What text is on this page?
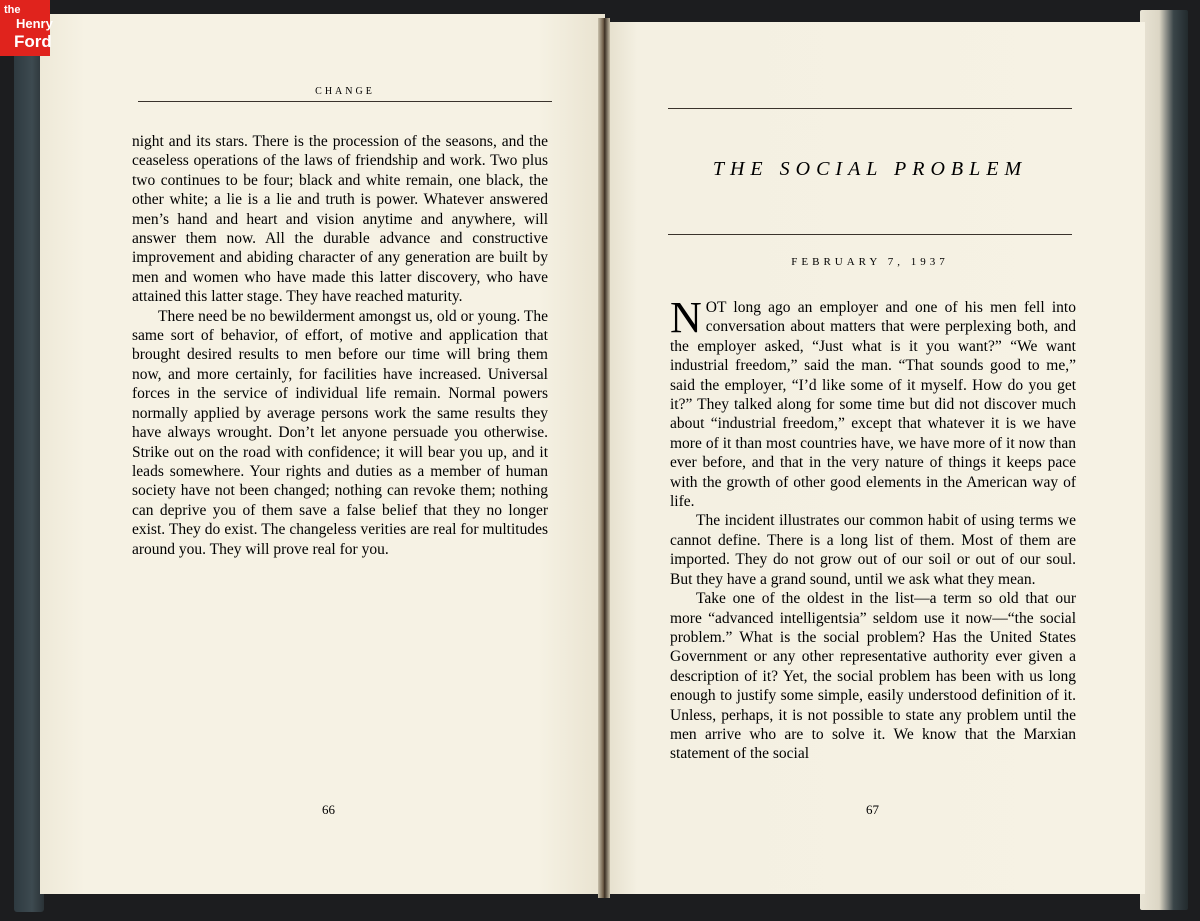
the
Henry
Ford
CHANGE

night and its stars. There is the procession of the seasons, and the ceaseless operations of the laws of friendship and work. Two plus two continues to be four; black and white remain, one black, the other white; a lie is a lie and truth is power. Whatever answered men’s hand and heart and vision anytime and anywhere, will answer them now. All the durable advance and constructive improvement and abiding character of any generation are built by men and women who have made this latter discovery, who have attained this latter stage. They have reached maturity.

There need be no bewilderment amongst us, old or young. The same sort of behavior, of effort, of motive and application that brought desired results to men before our time will bring them now, and more certainly, for facilities have increased. Universal forces in the service of individual life remain. Normal powers normally applied by average persons work the same results they have always wrought. Don’t let anyone persuade you otherwise. Strike out on the road with confidence; it will bear you up, and it leads somewhere. Your rights and duties as a member of human society have not been changed; nothing can revoke them; nothing can deprive you of them save a false belief that they no longer exist. They do exist. The changeless verities are real for multitudes around you. They will prove real for you.

66
THE SOCIAL PROBLEM
FEBRUARY 7, 1937

NOT long ago an employer and one of his men fell into conversation about matters that were perplexing both, and the employer asked, “Just what is it you want?” “We want industrial freedom,” said the man. “That sounds good to me,” said the employer, “I’d like some of it myself. How do you get it?” They talked along for some time but did not discover much about “industrial freedom,” except that whatever it is we have more of it than most countries have, we have more of it now than ever before, and that in the very nature of things it keeps pace with the growth of other good elements in the American way of life.

The incident illustrates our common habit of using terms we cannot define. There is a long list of them. Most of them are imported. They do not grow out of our soil or out of our soul. But they have a grand sound, until we ask what they mean.

Take one of the oldest in the list—a term so old that our more “advanced intelligentsia” seldom use it now—“the social problem.” What is the social problem? Has the United States Government or any other representative authority ever given a description of it? Yet, the social problem has been with us long enough to justify some simple, easily understood definition of it. Unless, perhaps, it is not possible to state any problem until the men arrive who are to solve it. We know that the Marxian statement of the social

67
